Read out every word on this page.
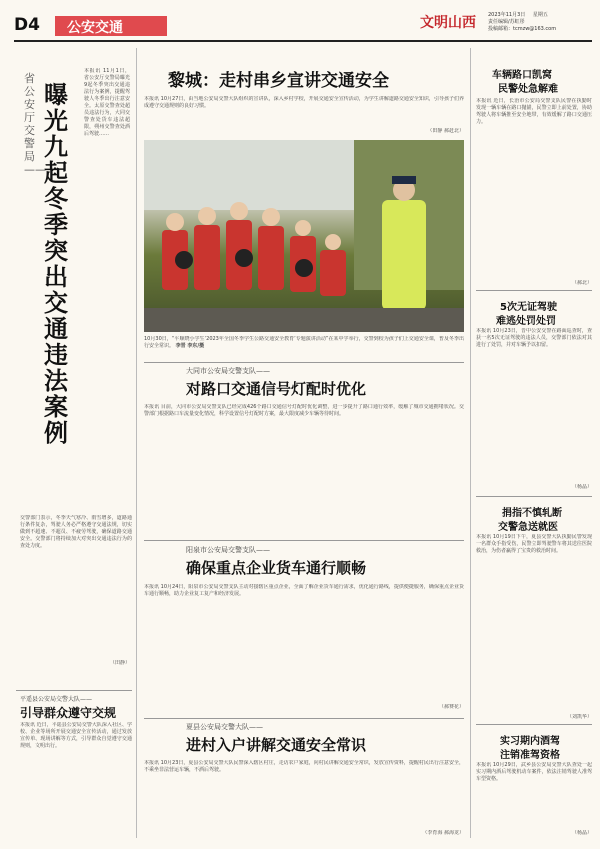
D4 公安交通	文明山西 2023年11月3日 星期五
责任编辑/苏虹彤
投稿邮箱：tcmzw@163.com
省公安厅交警局——
曝光九起冬季突出交通违法案例
本报讯 11月1日，省公安厅交警局曝光9起冬季突出交通违法行为案例，提醒驾驶人冬季出行注意安全。太原交警查处超员违法行为，大同交警查处货车违法超限，朔州交警查处酒后驾驶……
交警部门表示，冬季天气寒冷、雨雪增多，道路通行条件复杂，驾驶人务必严格遵守交通法规，切实做到不超速、不超员、不疲劳驾驶，确保道路交通安全。交警部门将持续加大对突出交通违法行为的查处力度。
（田静）
平遥县公安局交警大队——
引导群众遵守交规
本报讯 近日，平遥县公安局交警大队深入社区、学校、企业等场所开展交通安全宣传活动，通过发放宣传单、现场讲解等方式，引导群众自觉遵守交通规则，文明出行。
黎城：走村串乡宣讲交通安全
本报讯 10月27日，由当地公安局交警大队组织的宣讲队，深入乡村学校，开展交通安全宣传活动，为学生讲解道路交通安全知识，引导孩子们养成遵守交通规则的良好习惯。
（田静 郝赶北）
10月30日，“平顺晓小学生‘2023年全国冬季学生公路交通安全教育’专题演讲活动”在某中学举行，交警到校为孩子们上交通安全课，普及冬季出行安全常识。 李晋 李东/摄
大同市公安局交警支队——
对路口交通信号灯配时优化
本报讯 目前，大同市公安局交警支队已经完成426个路口交通信号灯配时优化调整，进一步提升了路口通行效率，缓解了城市交通拥堵状况。交警部门根据路口车流量变化情况，科学设置信号灯配时方案，最大限度减少车辆等待时间。
阳泉市公安局交警支队——
确保重点企业货车通行顺畅
本报讯 10月24日，阳泉市公安局交警支队主动对接辖区重点企业，全面了解企业货车通行需求，优化通行路线，提供便捷服务，确保重点企业货车通行顺畅，助力企业复工复产和经济发展。
（郝赛花）
夏县公安局交警大队——
进村入户讲解交通安全常识
本报讯 10月23日，夏县公安局交警大队民警深入辖区村庄，走访农户家庭，向村民讲解交通安全常识，发放宣传资料，提醒村民出行注意安全，不乘坐非法营运车辆，不酒后驾驶。
（李育海 郝海龙）
车辆路口凯窝
民警处急解难
本报讯 近日，长治市公安局交警支队民警在执勤时发现一辆车辆在路口抛锚，民警立即上前处置，协助驾驶人将车辆推至安全地带，有效缓解了路口交通压力。
（郝北）
5次无证驾驶
难逃处罚处罚
本报讯 10月23日，晋中公安交警在路面巡查时，查获一名5次无证驾驶的违法人员，交警部门依法对其进行了处罚，并对车辆予以扣留。
（杨晶）
捐指不慎轧断
交警急送就医
本报讯 10月19日下午，夏县交警大队执勤民警发现一名群众手指受伤，民警立即驾驶警车将其送往医院救治，为伤者赢得了宝贵的救治时间。
（刘凯华）
实习期内酒驾
注销准驾资格
本报讯 10月29日，武乡县公安局交警大队查处一起实习期内酒后驾驶机动车案件，依法注销驾驶人准驾车型资格。
（杨晶）
